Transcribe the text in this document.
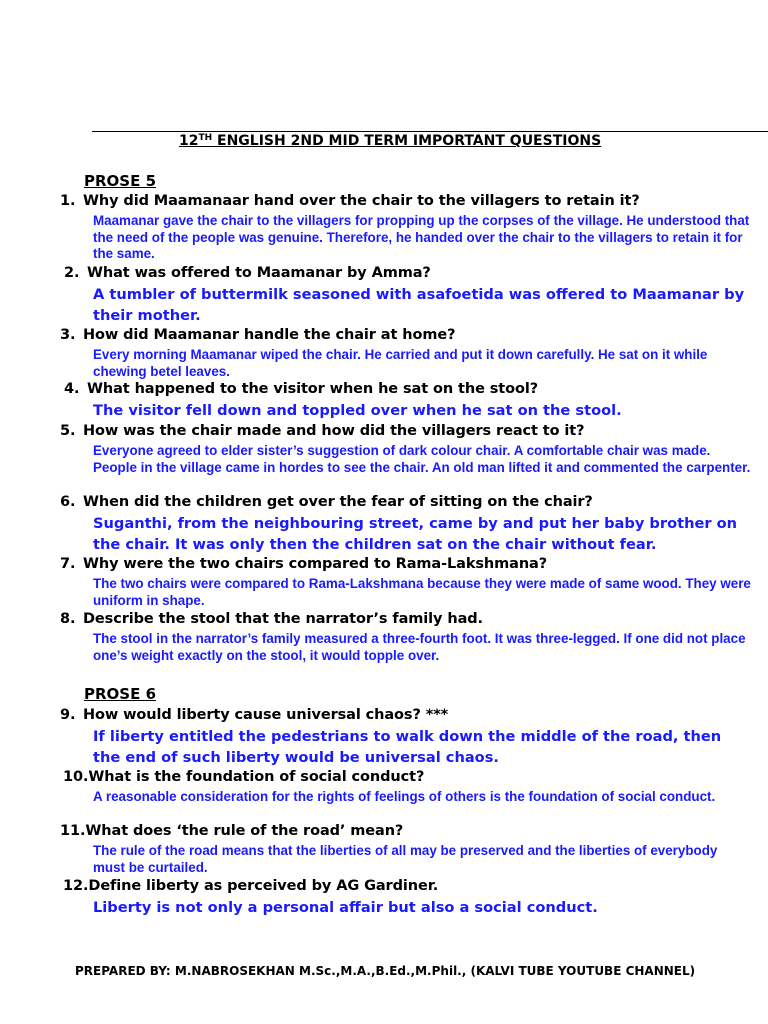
12TH ENGLISH 2ND MID TERM IMPORTANT QUESTIONS
PROSE 5
1. Why did Maamanaar hand over the chair to the villagers to retain it?
Maamanar gave the chair to the villagers for propping up the corpses of the village. He understood that the need of the people was genuine. Therefore, he handed over the chair to the villagers to retain it for the same.
2. What was offered to Maamanar by Amma?
A tumbler of buttermilk seasoned with asafoetida was offered to Maamanar by their mother.
3. How did Maamanar handle the chair at home?
Every morning Maamanar wiped the chair. He carried and put it down carefully. He sat on it while chewing betel leaves.
4. What happened to the visitor when he sat on the stool?
The visitor fell down and toppled over when he sat on the stool.
5. How was the chair made and how did the villagers react to it?
Everyone agreed to elder sister’s suggestion of dark colour chair. A comfortable chair was made. People in the village came in hordes to see the chair. An old man lifted it and commented the carpenter.
6. When did the children get over the fear of sitting on the chair?
Suganthi, from the neighbouring street, came by and put her baby brother on the chair. It was only then the children sat on the chair without fear.
7. Why were the two chairs compared to Rama-Lakshmana?
The two chairs were compared to Rama-Lakshmana because they were made of same wood. They were uniform in shape.
8. Describe the stool that the narrator’s family had.
The stool in the narrator’s family measured a three-fourth foot. It was three-legged. If one did not place one’s weight exactly on the stool, it would topple over.
PROSE 6
9. How would liberty cause universal chaos? ***
If liberty entitled the pedestrians to walk down the middle of the road, then the end of such liberty would be universal chaos.
10.What is the foundation of social conduct?
A reasonable consideration for the rights of feelings of others is the foundation of social conduct.
11.What does ‘the rule of the road’ mean?
The rule of the road means that the liberties of all may be preserved and the liberties of everybody must be curtailed.
12.Define liberty as perceived by AG Gardiner.
Liberty is not only a personal affair but also a social conduct.
PREPARED BY: M.NABROSEKHAN M.Sc.,M.A.,B.Ed.,M.Phil., (KALVI TUBE YOUTUBE CHANNEL)
